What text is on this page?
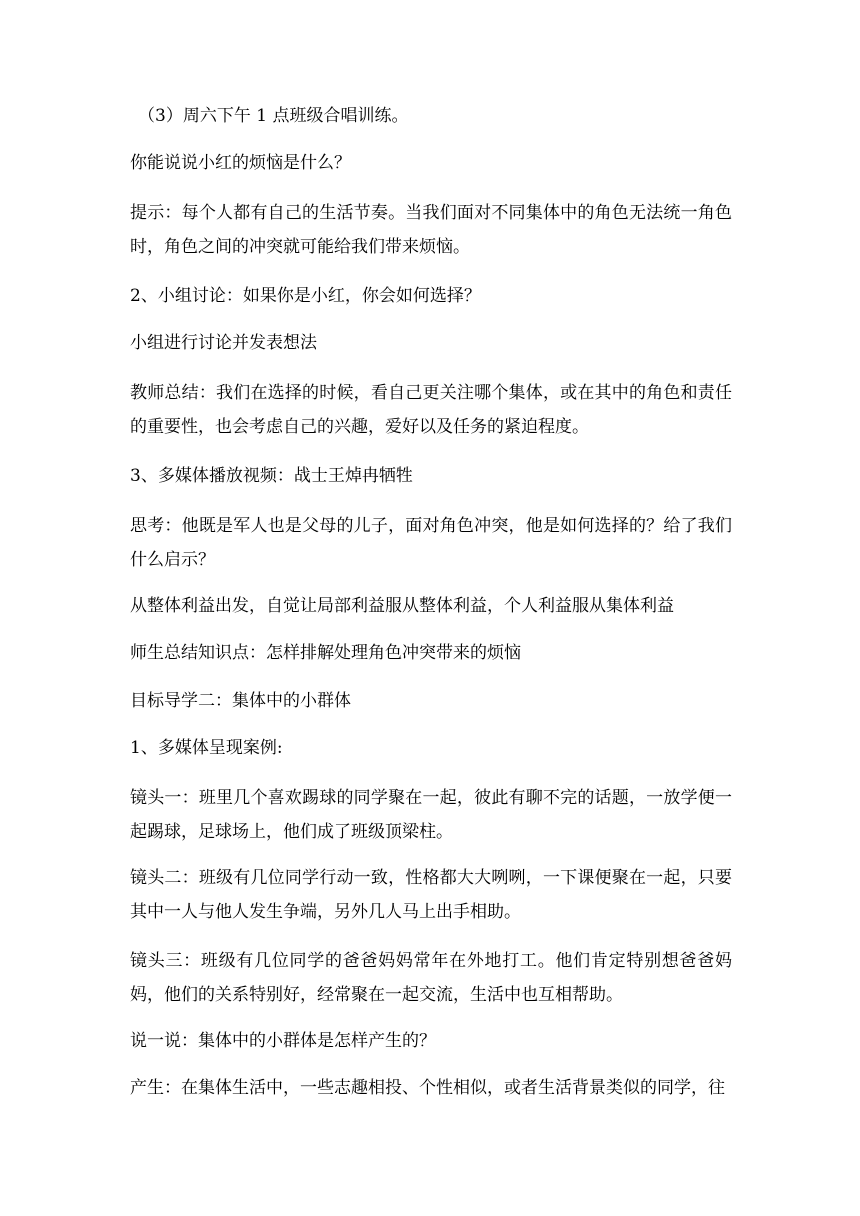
（3）周六下午 1 点班级合唱训练。

你能说说小红的烦恼是什么？

提示：每个人都有自己的生活节奏。当我们面对不同集体中的角色无法统一角色时，角色之间的冲突就可能给我们带来烦恼。

2、小组讨论：如果你是小红，你会如何选择？

小组进行讨论并发表想法

教师总结：我们在选择的时候，看自己更关注哪个集体，或在其中的角色和责任的重要性，也会考虑自己的兴趣，爱好以及任务的紧迫程度。

3、多媒体播放视频：战士王焯冉牺牲

思考：他既是军人也是父母的儿子，面对角色冲突，他是如何选择的？给了我们什么启示？

从整体利益出发，自觉让局部利益服从整体利益，个人利益服从集体利益

师生总结知识点：怎样排解处理角色冲突带来的烦恼

目标导学二：集体中的小群体

1、多媒体呈现案例:

镜头一：班里几个喜欢踢球的同学聚在一起，彼此有聊不完的话题，一放学便一起踢球，足球场上，他们成了班级顶梁柱。

镜头二：班级有几位同学行动一致，性格都大大咧咧，一下课便聚在一起，只要其中一人与他人发生争端，另外几人马上出手相助。

镜头三：班级有几位同学的爸爸妈妈常年在外地打工。他们肯定特别想爸爸妈妈，他们的关系特别好，经常聚在一起交流，生活中也互相帮助。

说一说：集体中的小群体是怎样产生的？

产生：在集体生活中，一些志趣相投、个性相似，或者生活背景类似的同学，往
